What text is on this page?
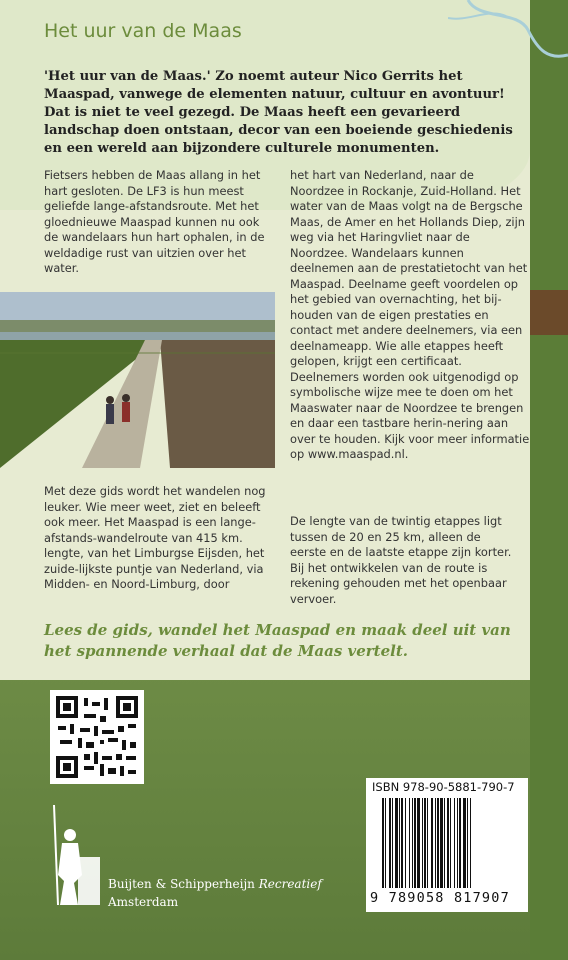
Het uur van de Maas

'Het uur van de Maas.' Zo noemt auteur Nico Gerrits het Maaspad, vanwege de elementen natuur, cultuur en avontuur! Dat is niet te veel gezegd. De Maas heeft een gevarieerd landschap doen ontstaan, decor van een boeiende geschiedenis en een wereld aan bijzondere culturele monumenten.

Fietsers hebben de Maas allang in het hart gesloten. De LF3 is hun meest geliefde lange-afstandsroute. Met het gloednieuwe Maaspad kunnen nu ook de wandelaars hun hart ophalen, in de weldadige rust van uitzien over het water.

het hart van Nederland, naar de Noordzee in Rockanje, Zuid-Holland. Het water van de Maas volgt na de Bergsche Maas, de Amer en het Hollands Diep, zijn weg via het Haringvliet naar de Noordzee. Wandelaars kunnen deelnemen aan de prestatietocht van het Maaspad. Deelname geeft voordelen op het gebied van overnachting, het bij-houden van de eigen prestaties en contact met andere deelnemers, via een deelnameapp. Wie alle etappes heeft gelopen, krijgt een certificaat. Deelnemers worden ook uitgenodigd op symbolische wijze mee te doen om het Maaswater naar de Noordzee te brengen en daar een tastbare herin-nering aan over te houden. Kijk voor meer informatie op www.maaspad.nl.

Met deze gids wordt het wandelen nog leuker. Wie meer weet, ziet en beleeft ook meer. Het Maaspad is een lange-afstands-wandelroute van 415 km. lengte, van het Limburgse Eijsden, het zuide-lijkste puntje van Nederland, via Midden- en Noord-Limburg, door

De lengte van de twintig etappes ligt tussen de 20 en 25 km, alleen de eerste en de laatste etappe zijn korter. Bij het ontwikkelen van de route is rekening gehouden met het openbaar vervoer.

Lees de gids, wandel het Maaspad en maak deel uit van het spannende verhaal dat de Maas vertelt.

Buijten & Schipperheijn Recreatief
Amsterdam
ISBN 978-90-5881-790-7
9 789058 817907
